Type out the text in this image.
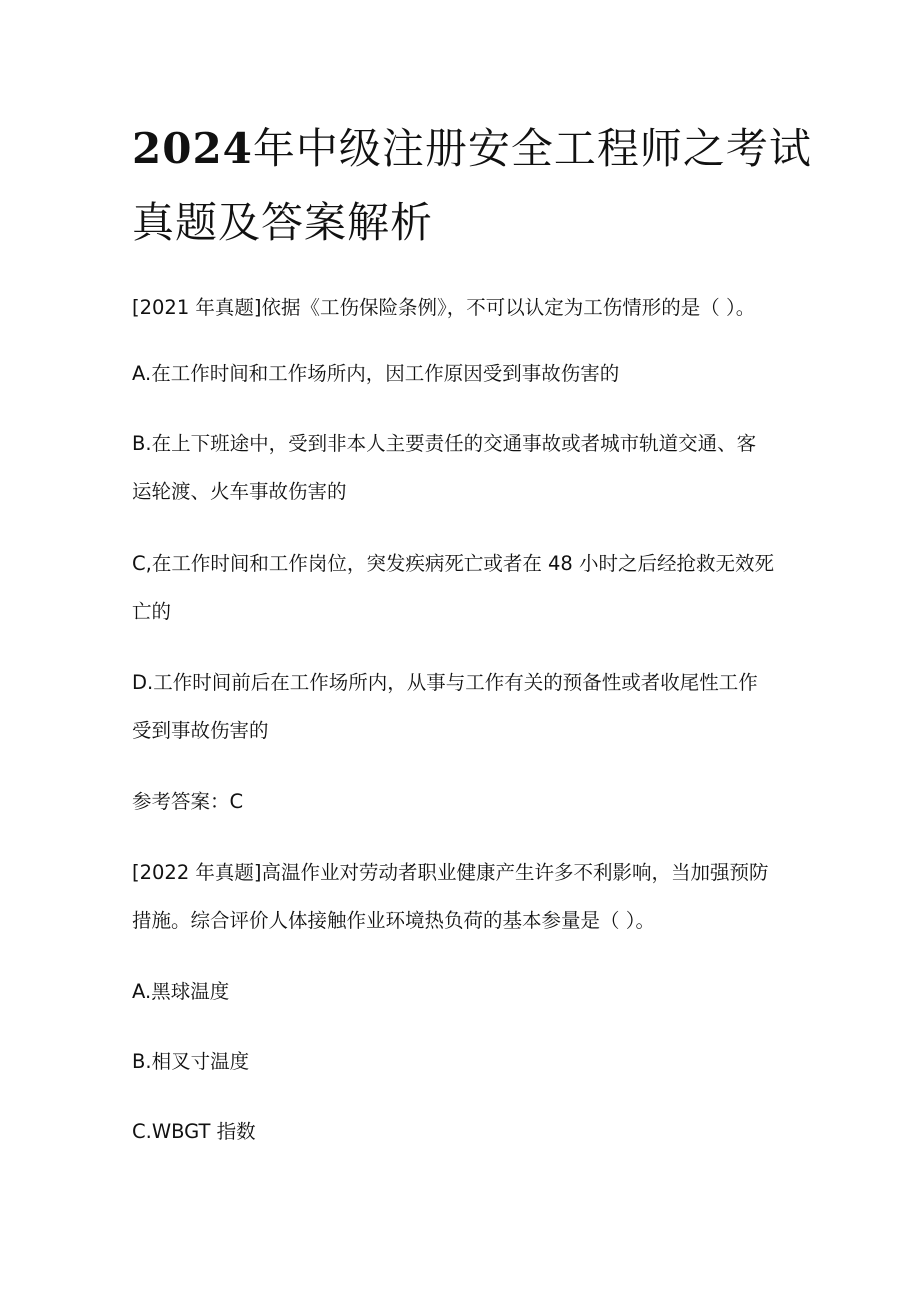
2024年中级注册安全工程师之考试
真题及答案解析

[2021 年真题]依据《工伤保险条例》，不可以认定为工伤情形的是（ ）。

A.在工作时间和工作场所内，因工作原因受到事故伤害的

B.在上下班途中，受到非本人主要责任的交通事故或者城市轨道交通、客
运轮渡、火车事故伤害的

C,在工作时间和工作岗位，突发疾病死亡或者在 48 小时之后经抢救无效死
亡的

D.工作时间前后在工作场所内，从事与工作有关的预备性或者收尾性工作
受到事故伤害的

参考答案：C

[2022 年真题]高温作业对劳动者职业健康产生许多不利影响，当加强预防
措施。综合评价人体接触作业环境热负荷的基本参量是（ ）。

A.黑球温度

B.相叉寸温度

C.WBGT 指数
